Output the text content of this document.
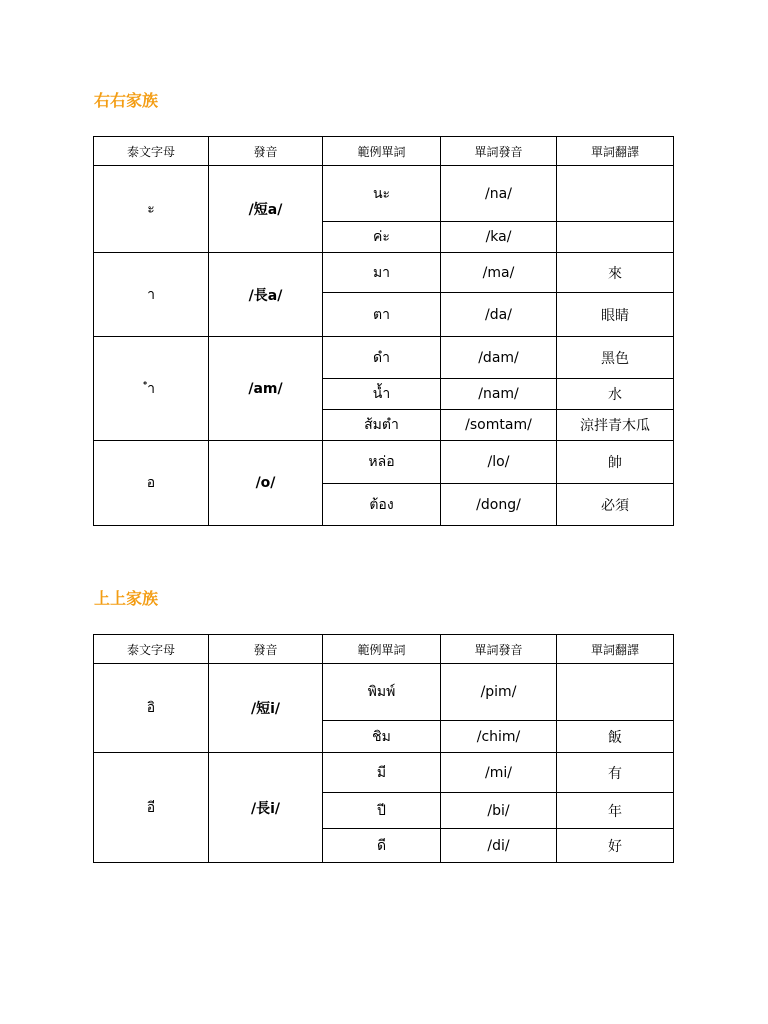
右右家族
泰文字母	發音	範例單詞	單詞發音	單詞翻譯
ะ	/短a/	นะ	/na/	
		ค่ะ	/ka/	
า	/長a/	มา	/ma/	來
		ตา	/da/	眼睛
ำ	/am/	ดำ	/dam/	黑色
		น้ำ	/nam/	水
		ส้มตำ	/somtam/	涼拌青木瓜
อ	/o/	หล่อ	/lo/	帥
		ต้อง	/dong/	必須
上上家族
泰文字母	發音	範例單詞	單詞發音	單詞翻譯
อิ	/短i/	พิมพ์	/pim/	
		ชิม	/chim/	飯
อี	/長i/	มี	/mi/	有
		ปี	/bi/	年
		ดี	/di/	好
